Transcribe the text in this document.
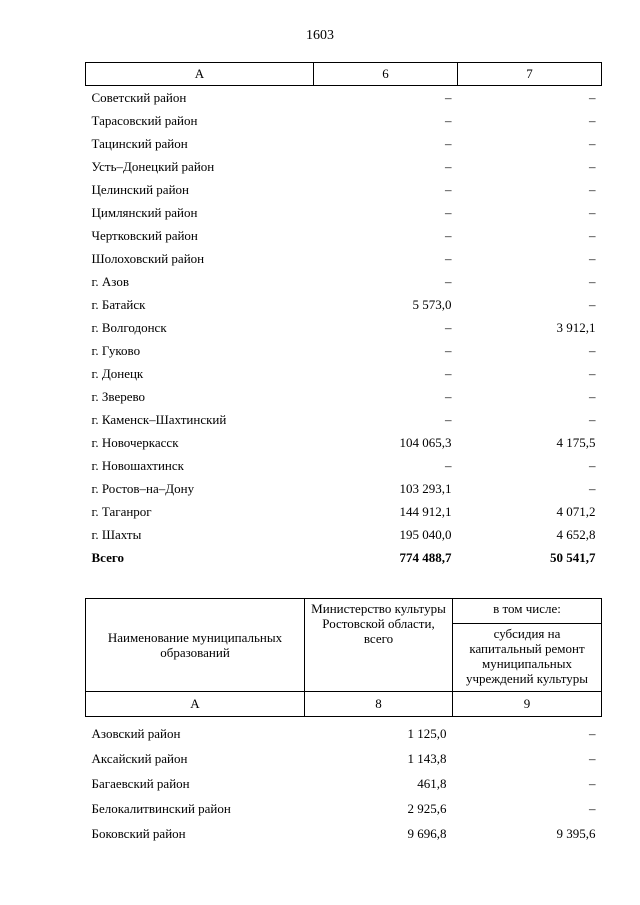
1603
А	6	7
Советский район	–	–
Тарасовский район	–	–
Тацинский район	–	–
Усть–Донецкий район	–	–
Целинский район	–	–
Цимлянский район	–	–
Чертковский район	–	–
Шолоховский район	–	–
г. Азов	–	–
г. Батайск	5 573,0	–
г. Волгодонск	–	3 912,1
г. Гуково	–	–
г. Донецк	–	–
г. Зверево	–	–
г. Каменск–Шахтинский	–	–
г. Новочеркасск	104 065,3	4 175,5
г. Новошахтинск	–	–
г. Ростов–на–Дону	103 293,1	–
г. Таганрог	144 912,1	4 071,2
г. Шахты	195 040,0	4 652,8
Всего	774 488,7	50 541,7
Наименование муниципальных образований	Министерство культуры Ростовской области, всего	в том числе:
		субсидия на капитальный ремонт муниципальных учреждений культуры
А	8	9
Азовский район	1 125,0	–
Аксайский район	1 143,8	–
Багаевский район	461,8	–
Белокалитвинский район	2 925,6	–
Боковский район	9 696,8	9 395,6
